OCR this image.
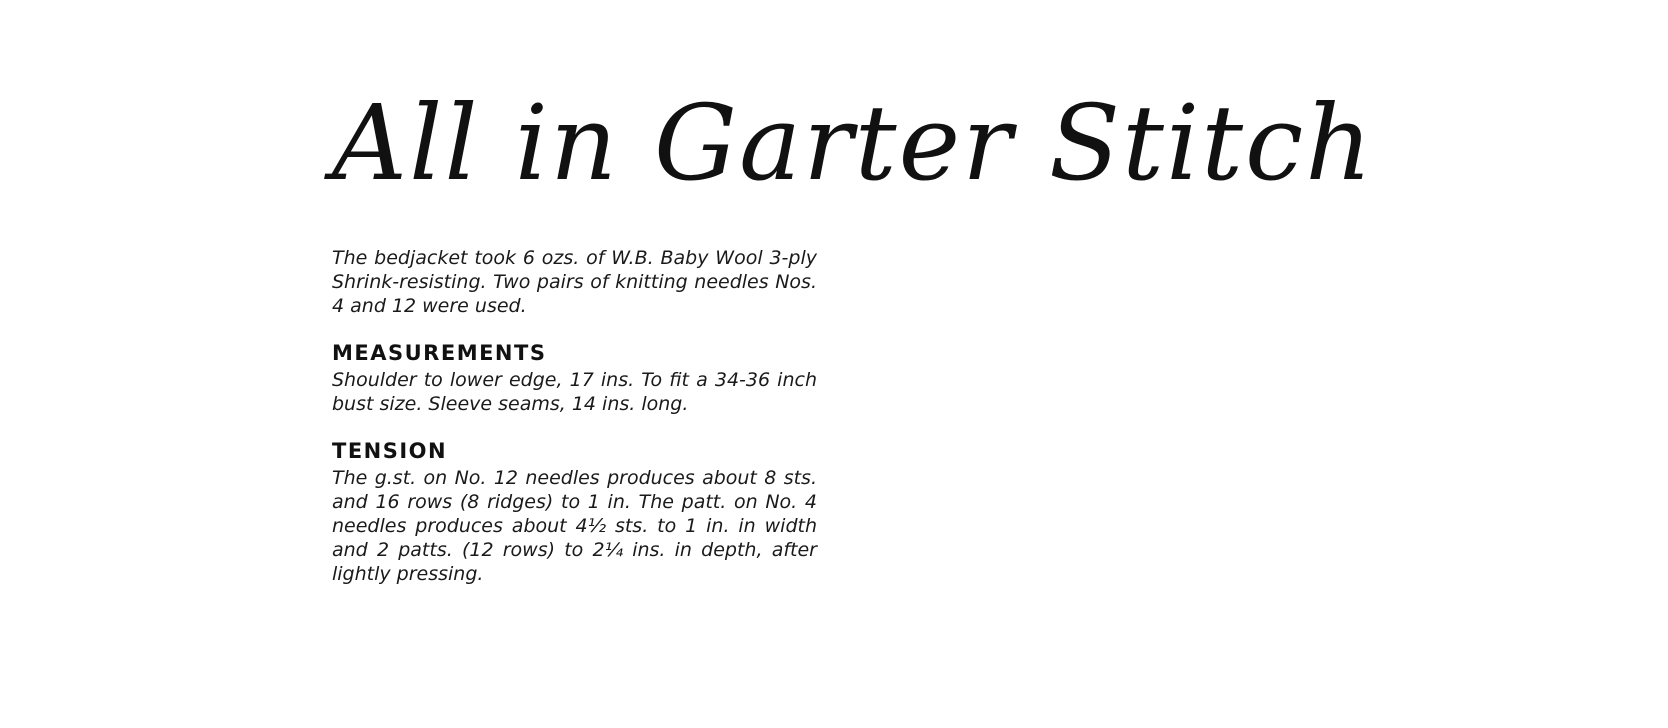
All in Garter Stitch

The bedjacket took 6 ozs. of W.B. Baby Wool 3-ply Shrink-resisting. Two pairs of knitting needles Nos. 4 and 12 were used.

MEASUREMENTS

Shoulder to lower edge, 17 ins. To fit a 34-36 inch bust size. Sleeve seams, 14 ins. long.

TENSION

The g.st. on No. 12 needles produces about 8 sts. and 16 rows (8 ridges) to 1 in. The patt. on No. 4 needles produces about 4½ sts. to 1 in. in width and 2 patts. (12 rows) to 2¼ ins. in depth, after lightly pressing.
